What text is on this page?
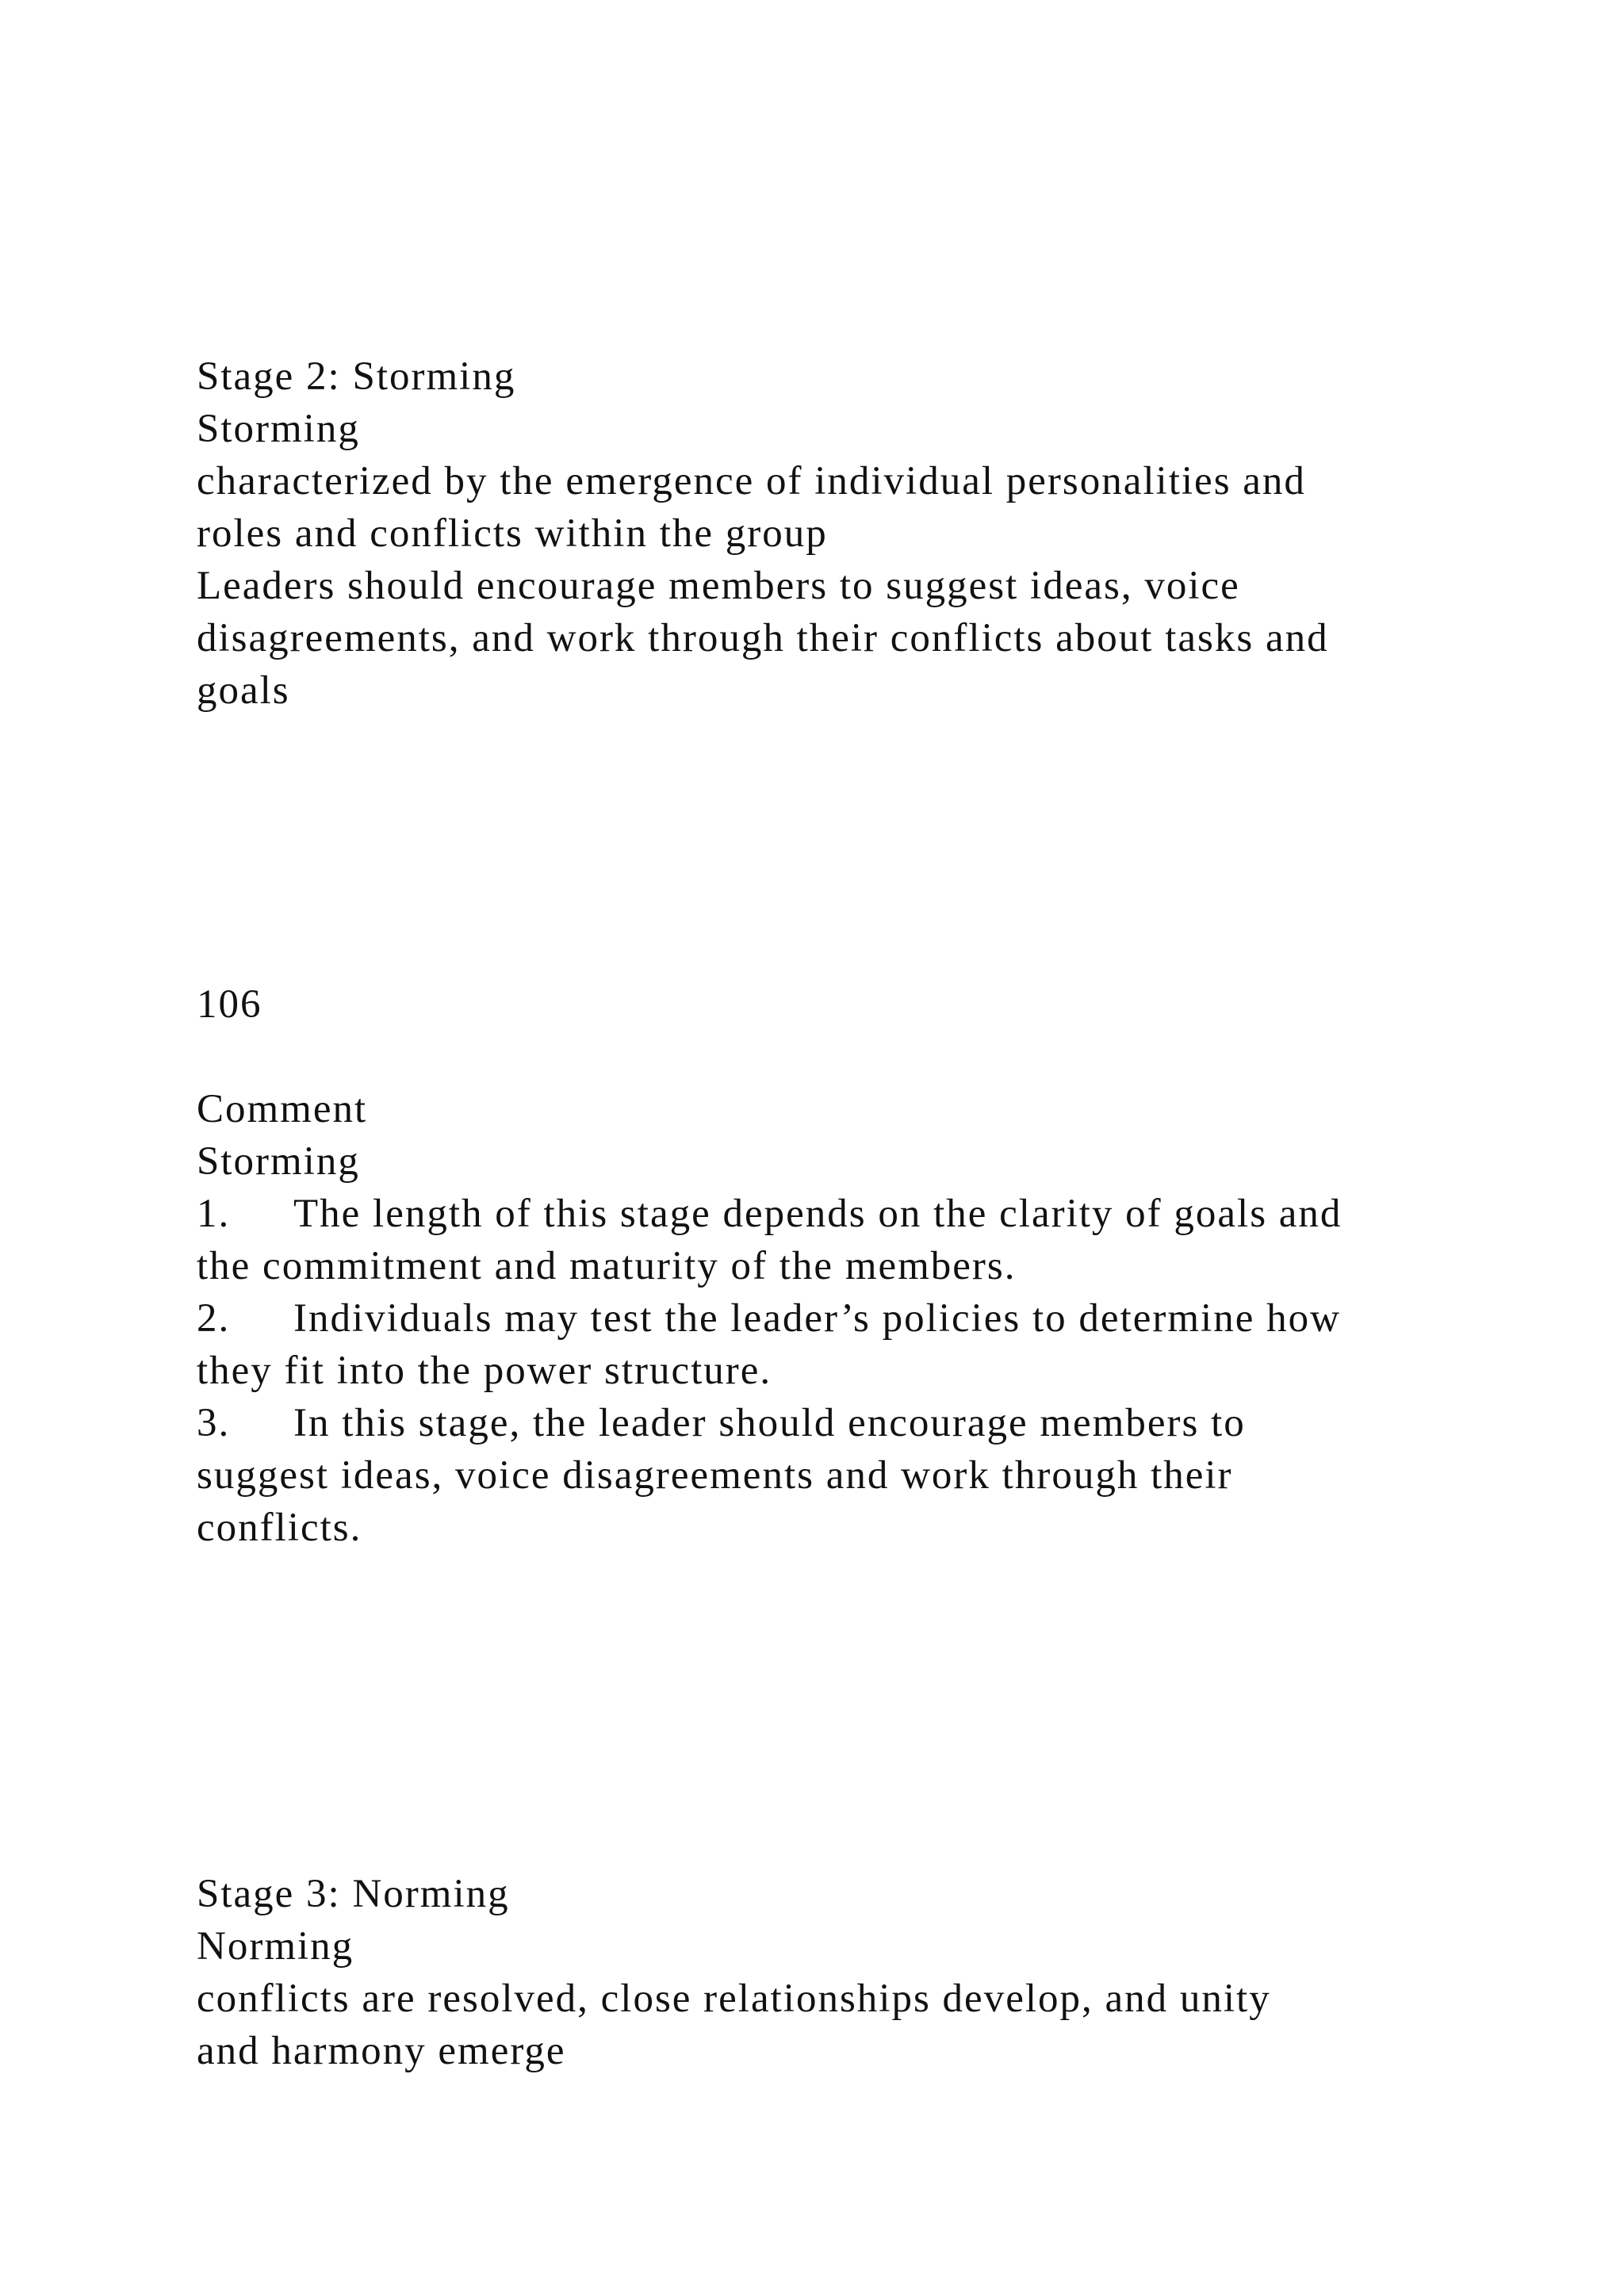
Stage 2: Storming
Storming
characterized by the emergence of individual personalities and
roles and conflicts within the group
Leaders should encourage members to suggest ideas, voice
disagreements, and work through their conflicts about tasks and
goals
106
Comment
Storming
1. The length of this stage depends on the clarity of goals and
the commitment and maturity of the members.
2. Individuals may test the leader’s policies to determine how
they fit into the power structure.
3. In this stage, the leader should encourage members to
suggest ideas, voice disagreements and work through their
conflicts.
Stage 3: Norming
Norming
conflicts are resolved, close relationships develop, and unity
and harmony emerge
